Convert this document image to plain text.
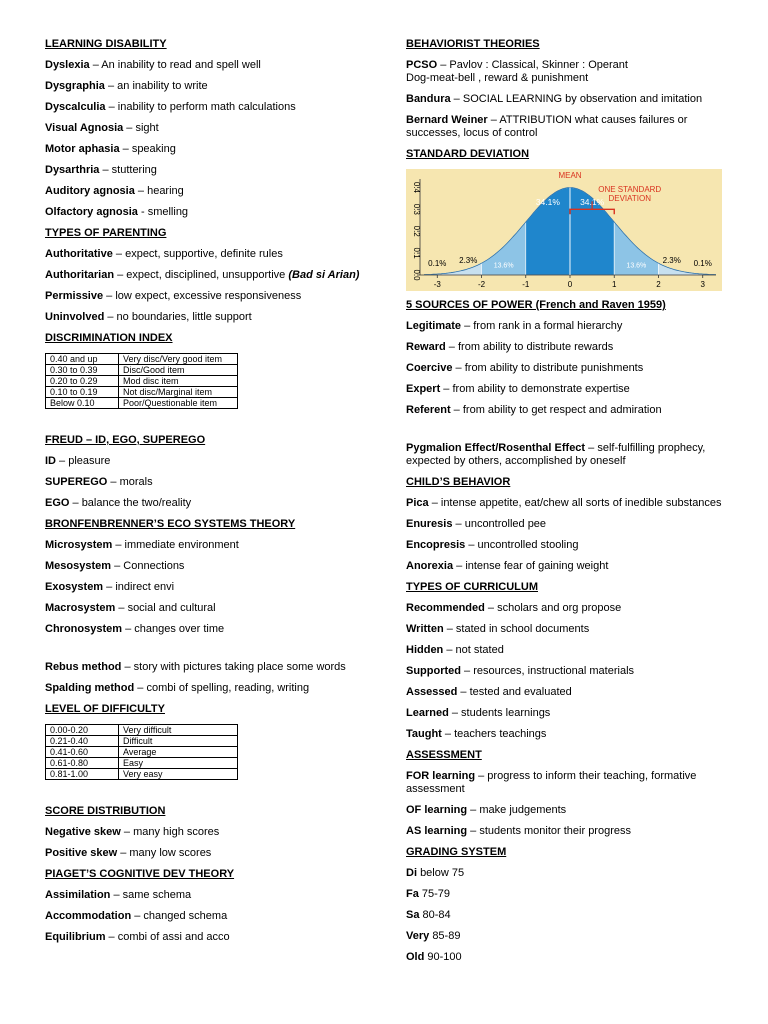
LEARNING DISABILITY
Dyslexia – An inability to read and spell well
Dysgraphia – an inability to write
Dyscalculia – inability to perform math calculations
Visual Agnosia – sight
Motor aphasia – speaking
Dysarthria – stuttering
Auditory agnosia – hearing
Olfactory agnosia - smelling
TYPES OF PARENTING
Authoritative – expect, supportive, definite rules
Authoritarian – expect, disciplined, unsupportive (Bad si Arian)
Permissive – low expect, excessive responsiveness
Uninvolved – no boundaries, little support
DISCRIMINATION INDEX
0.40 and up	Very disc/Very good item
0.30 to 0.39	Disc/Good item
0.20 to 0.29	Mod disc item
0.10 to 0.19	Not disc/Marginal item
Below 0.10	Poor/Questionable item
FREUD – ID, EGO, SUPEREGO
ID – pleasure
SUPEREGO – morals
EGO – balance the two/reality
BRONFENBRENNER’S ECO SYSTEMS THEORY
Microsystem – immediate environment
Mesosystem – Connections
Exosystem – indirect envi
Macrosystem – social and cultural
Chronosystem – changes over time
Rebus method – story with pictures taking place some words
Spalding method – combi of spelling, reading, writing
LEVEL OF DIFFICULTY
0.00-0.20	Very difficult
0.21-0.40	Difficult
0.41-0.60	Average
0.61-0.80	Easy
0.81-1.00	Very easy
SCORE DISTRIBUTION
Negative skew – many high scores
Positive skew – many low scores
PIAGET’S COGNITIVE DEV THEORY
Assimilation – same schema
Accommodation – changed schema
Equilibrium – combi of assi and acco
BEHAVIORIST THEORIES
PCSO – Pavlov : Classical, Skinner : Operant
Dog-meat-bell , reward & punishment
Bandura – SOCIAL LEARNING by observation and imitation
Bernard Weiner – ATTRIBUTION what causes failures or successes, locus of control
STANDARD DEVIATION
-3	-2	-1	0	1	2	3
0.0
0.1
0.2
0.3
0.4
2.3%
13.6%
34.1% 34.1%
13.6%
2.3%
0.1%	0.1%
MEAN
ONE STANDARD
DEVIATION
5 SOURCES OF POWER (French and Raven 1959)
Legitimate – from rank in a formal hierarchy
Reward – from ability to distribute rewards
Coercive – from ability to distribute punishments
Expert – from ability to demonstrate expertise
Referent – from ability to get respect and admiration
Pygmalion Effect/Rosenthal Effect – self-fulfilling prophecy, expected by others, accomplished by oneself
CHILD’S BEHAVIOR
Pica – intense appetite, eat/chew all sorts of inedible substances
Enuresis – uncontrolled pee
Encopresis – uncontrolled stooling
Anorexia – intense fear of gaining weight
TYPES OF CURRICULUM
Recommended – scholars and org propose
Written – stated in school documents
Hidden – not stated
Supported – resources, instructional materials
Assessed – tested and evaluated
Learned – students learnings
Taught – teachers teachings
ASSESSMENT
FOR learning – progress to inform their teaching, formative assessment
OF learning – make judgements
AS learning – students monitor their progress
GRADING SYSTEM
Di below 75
Fa 75-79
Sa 80-84
Very 85-89
Old 90-100
